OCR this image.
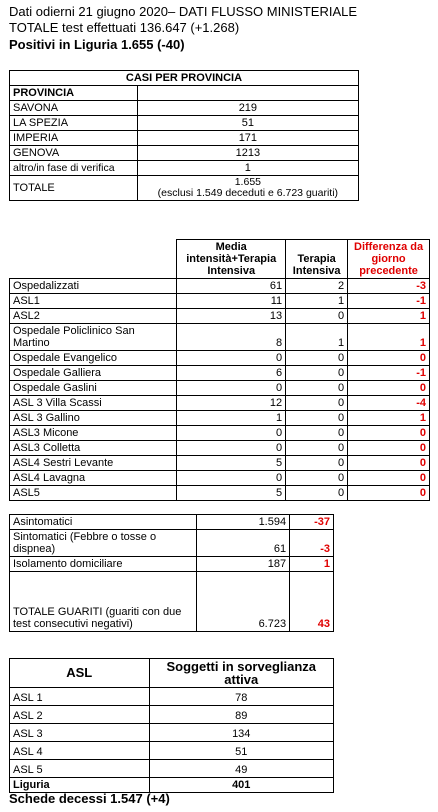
Dati odierni 21 giugno 2020– DATI FLUSSO MINISTERIALE
TOTALE test effettuati 136.647 (+1.268)
Positivi in Liguria 1.655 (-40)
CASI PER PROVINCIA	
PROVINCIA	
SAVONA	219
LA SPEZIA	51
IMPERIA	171
GENOVA	1213
altro/in fase di verifica	1
TOTALE	1.655
(esclusi 1.549 deceduti e 6.723 guariti)
	Media intensità+Terapia Intensiva	Terapia Intensiva	Differenza da giorno precedente
Ospedalizzati	61	2	-3
ASL1	11	1	-1
ASL2	13	0	1
Ospedale Policlinico San Martino	8	1	1
Ospedale Evangelico	0	0	0
Ospedale Galliera	6	0	-1
Ospedale Gaslini	0	0	0
ASL 3 Villa Scassi	12	0	-4
ASL 3 Gallino	1	0	1
ASL3 Micone	0	0	0
ASL3 Colletta	0	0	0
ASL4 Sestri Levante	5	0	0
ASL4 Lavagna	0	0	0
ASL5	5	0	0
Asintomatici	1.594	-37
Sintomatici (Febbre o tosse o dispnea)	61	-3
Isolamento domiciliare	187	1
TOTALE GUARITI (guariti con due test consecutivi negativi)	6.723	43
ASL	Soggetti in sorveglianza attiva
ASL 1	78
ASL 2	89
ASL 3	134
ASL 4	51
ASL 5	49
Liguria	401
Schede decessi 1.547 (+4)
